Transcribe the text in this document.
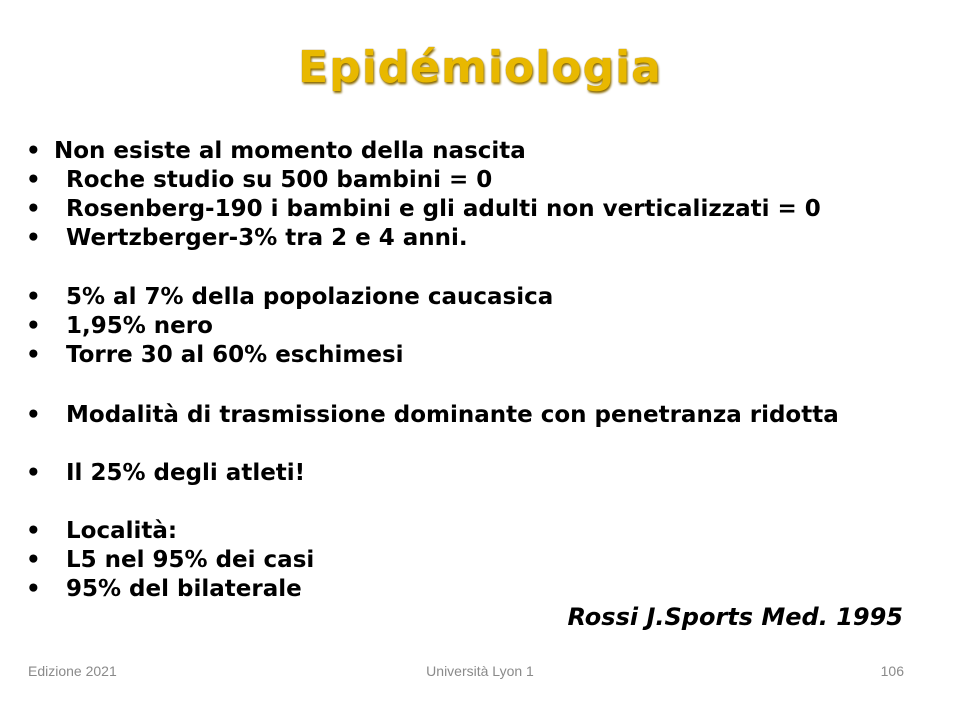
Epidémiologia
• Non esiste al momento della nascita
• Roche studio su 500 bambini = 0
• Rosenberg-190 i bambini e gli adulti non verticalizzati = 0
• Wertzberger-3% tra 2 e 4 anni.
• 5% al 7% della popolazione caucasica
• 1,95% nero
• Torre 30 al 60% eschimesi
• Modalità di trasmissione dominante con penetranza ridotta
• Il 25% degli atleti!
• Località:
• L5 nel 95% dei casi
• 95% del bilaterale
Rossi J.Sports Med. 1995
Edizione 2021	Università Lyon 1	106
